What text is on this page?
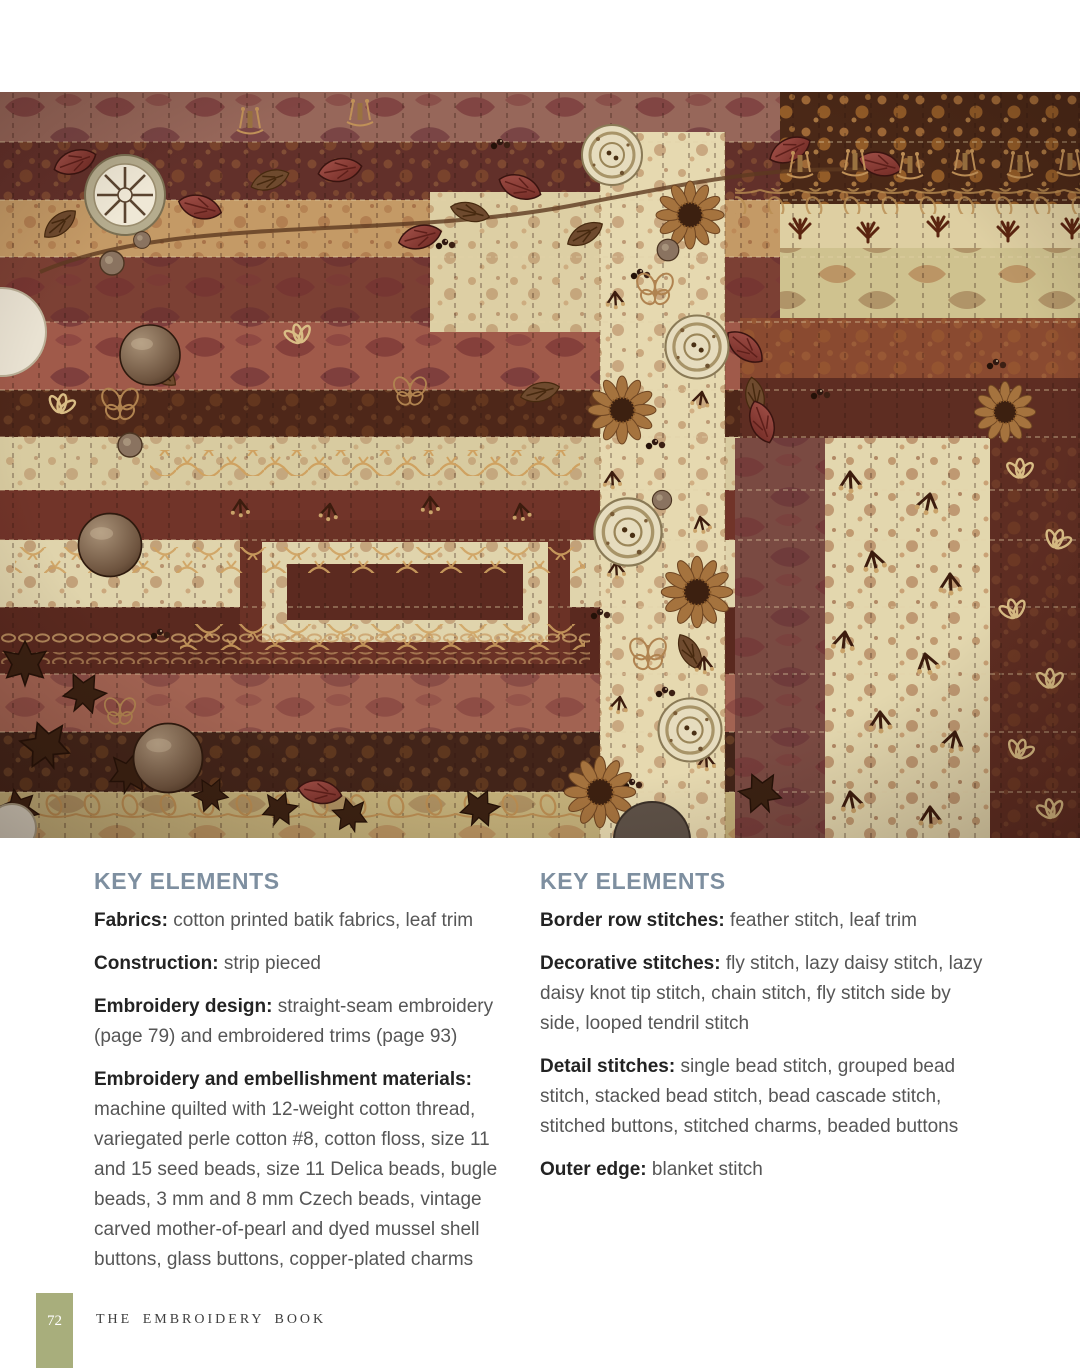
KEY ELEMENTS

Fabrics: cotton printed batik fabrics, leaf trim

Construction: strip pieced

Embroidery design: straight-seam embroidery (page 79) and embroidered trims (page 93)

Embroidery and embellishment materials: machine quilted with 12-weight cotton thread, variegated perle cotton #8, cotton floss, size 11 and 15 seed beads, size 11 Delica beads, bugle beads, 3 mm and 8 mm Czech beads, vintage carved mother-of-pearl and dyed mussel shell buttons, glass buttons, copper-plated charms

KEY ELEMENTS

Border row stitches: feather stitch, leaf trim

Decorative stitches: fly stitch, lazy daisy stitch, lazy daisy knot tip stitch, chain stitch, fly stitch side by side, looped tendril stitch

Detail stitches: single bead stitch, grouped bead stitch, stacked bead stitch, bead cascade stitch, stitched buttons, stitched charms, beaded buttons

Outer edge: blanket stitch

72 THE EMBROIDERY BOOK
